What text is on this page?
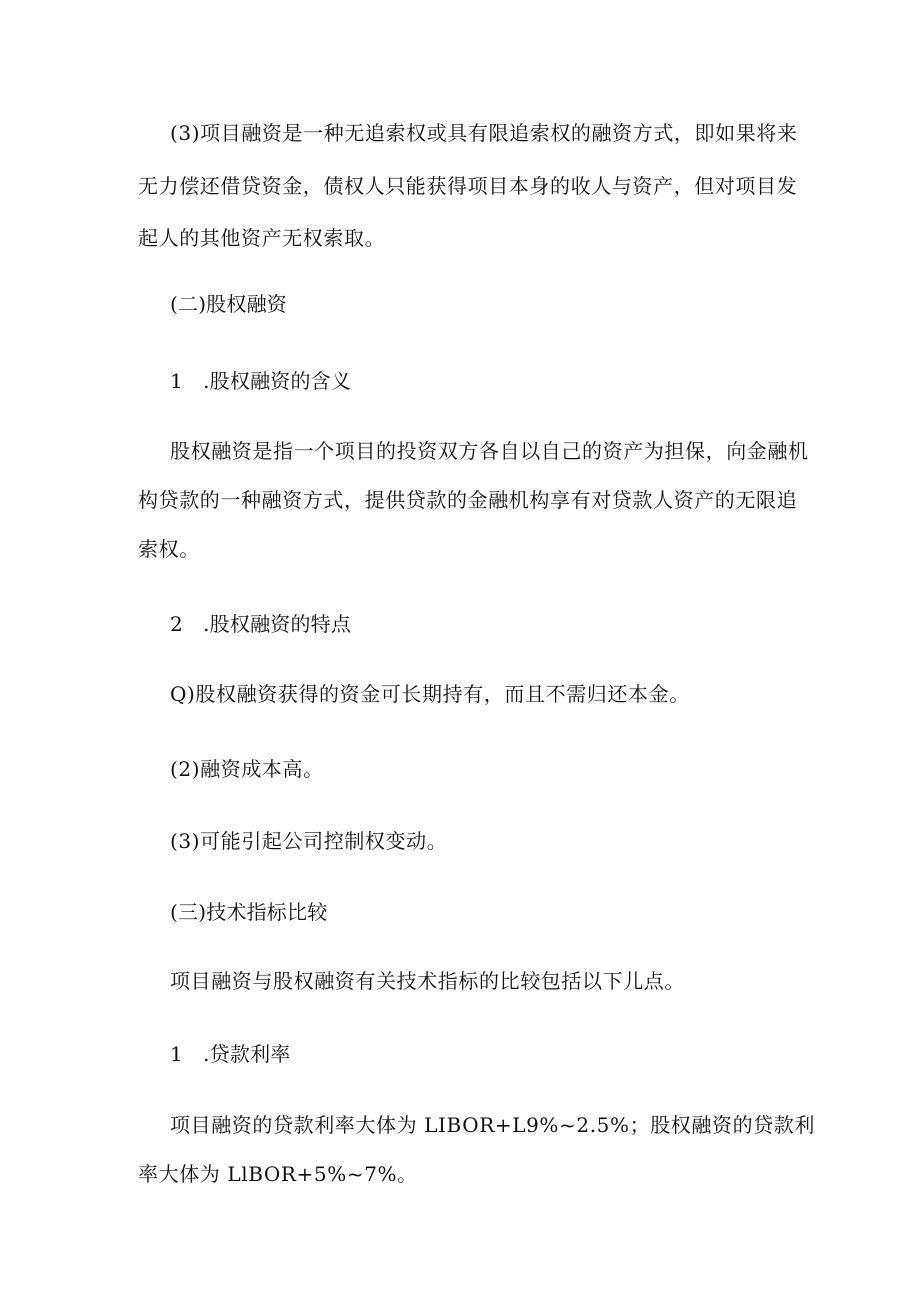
(3)项目融资是一种无追索权或具有限追索权的融资方式，即如果将来

无力偿还借贷资金，债权人只能获得项目本身的收人与资产，但对项目发

起人的其他资产无权索取。

(二)股权融资

1　.股权融资的含义

股权融资是指一个项目的投资双方各自以自己的资产为担保，向金融机

构贷款的一种融资方式，提供贷款的金融机构享有对贷款人资产的无限追

索权。

2　.股权融资的特点

Q)股权融资获得的资金可长期持有，而且不需归还本金。

(2)融资成本高。

(3)可能引起公司控制权变动。

(三)技术指标比较

项目融资与股权融资有关技术指标的比较包括以下儿点。

1　.贷款利率

项目融资的贷款利率大体为 LIBOR+L9%~2.5%；股权融资的贷款利

率大体为 LlBOR+5%~7%。
